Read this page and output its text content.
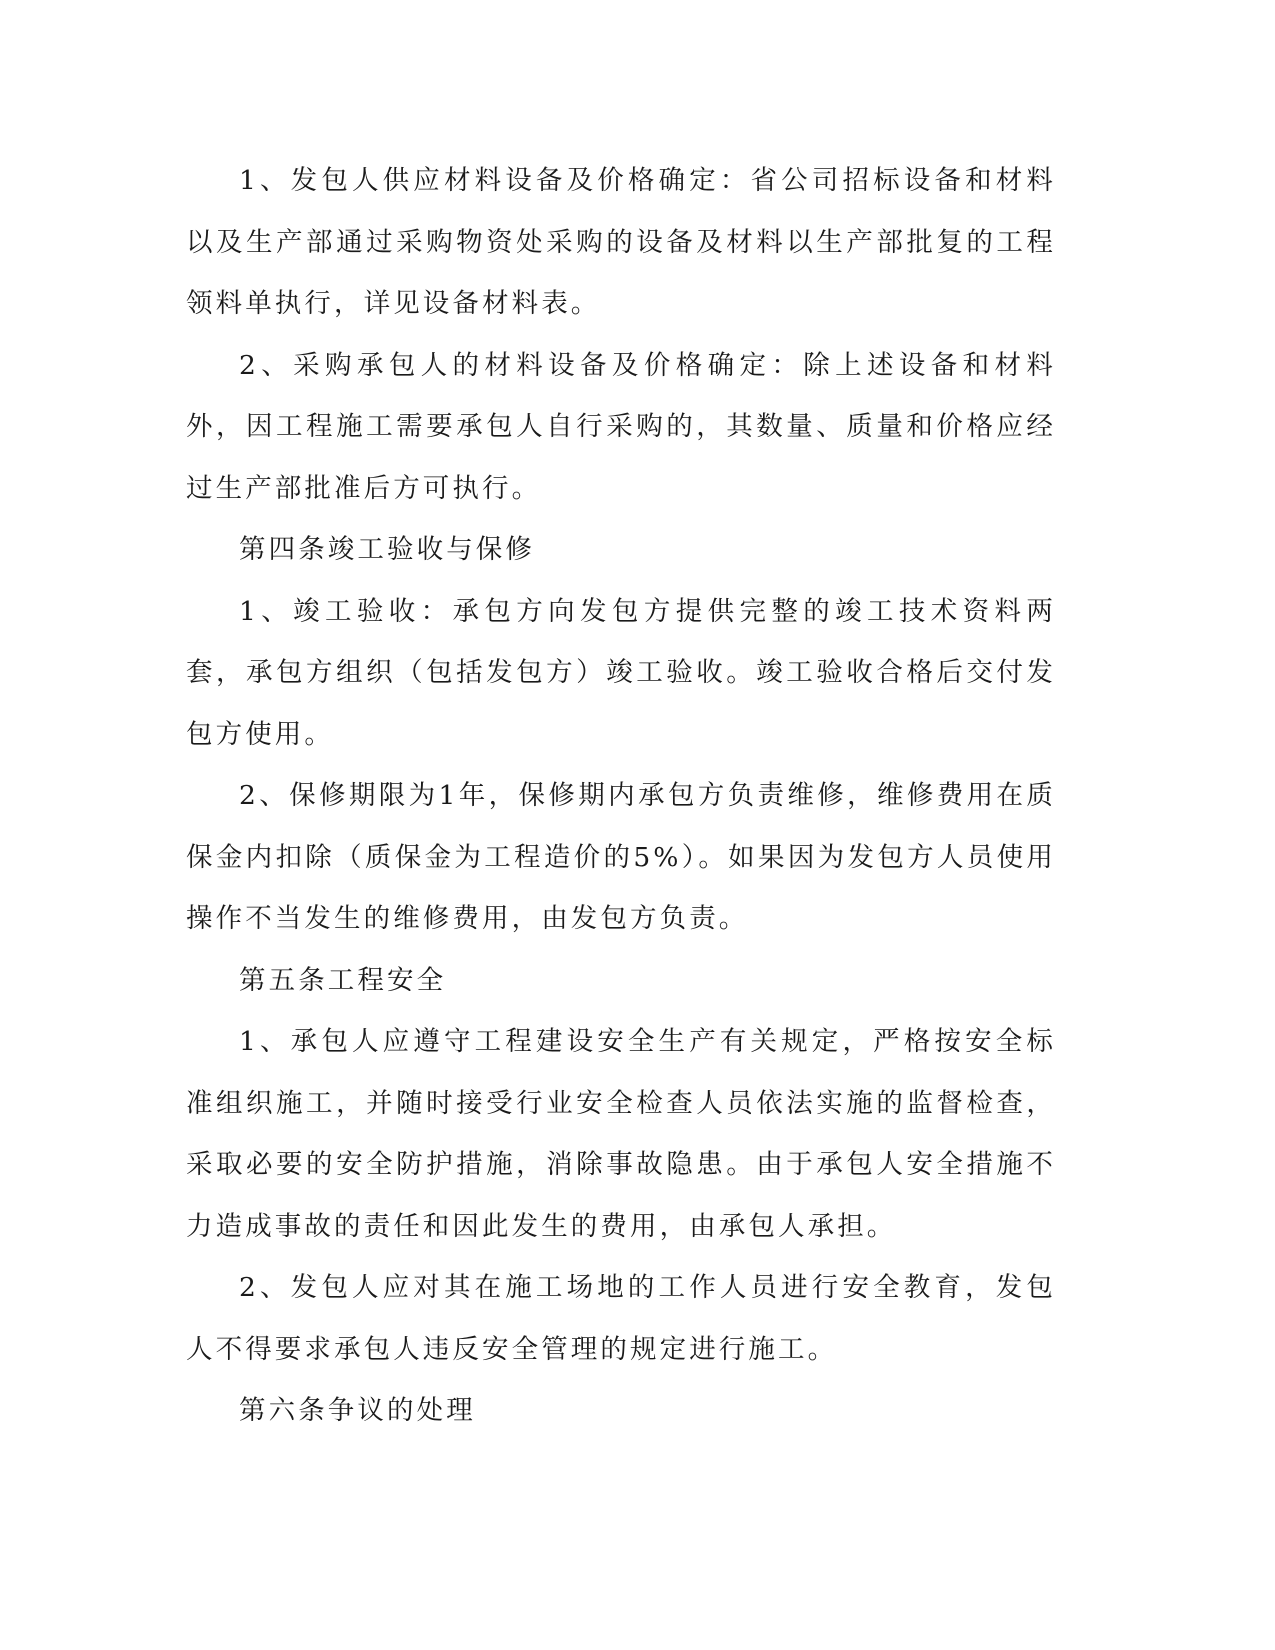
1、发包人供应材料设备及价格确定：省公司招标设备和材料以及生产部通过采购物资处采购的设备及材料以生产部批复的工程领料单执行，详见设备材料表。

2、采购承包人的材料设备及价格确定：除上述设备和材料外，因工程施工需要承包人自行采购的，其数量、质量和价格应经过生产部批准后方可执行。

第四条竣工验收与保修

1、竣工验收：承包方向发包方提供完整的竣工技术资料两套，承包方组织（包括发包方）竣工验收。竣工验收合格后交付发包方使用。

2、保修期限为1年，保修期内承包方负责维修，维修费用在质保金内扣除（质保金为工程造价的5%）。如果因为发包方人员使用操作不当发生的维修费用，由发包方负责。

第五条工程安全

1、承包人应遵守工程建设安全生产有关规定，严格按安全标准组织施工，并随时接受行业安全检查人员依法实施的监督检查，采取必要的安全防护措施，消除事故隐患。由于承包人安全措施不力造成事故的责任和因此发生的费用，由承包人承担。

2、发包人应对其在施工场地的工作人员进行安全教育，发包人不得要求承包人违反安全管理的规定进行施工。

第六条争议的处理
